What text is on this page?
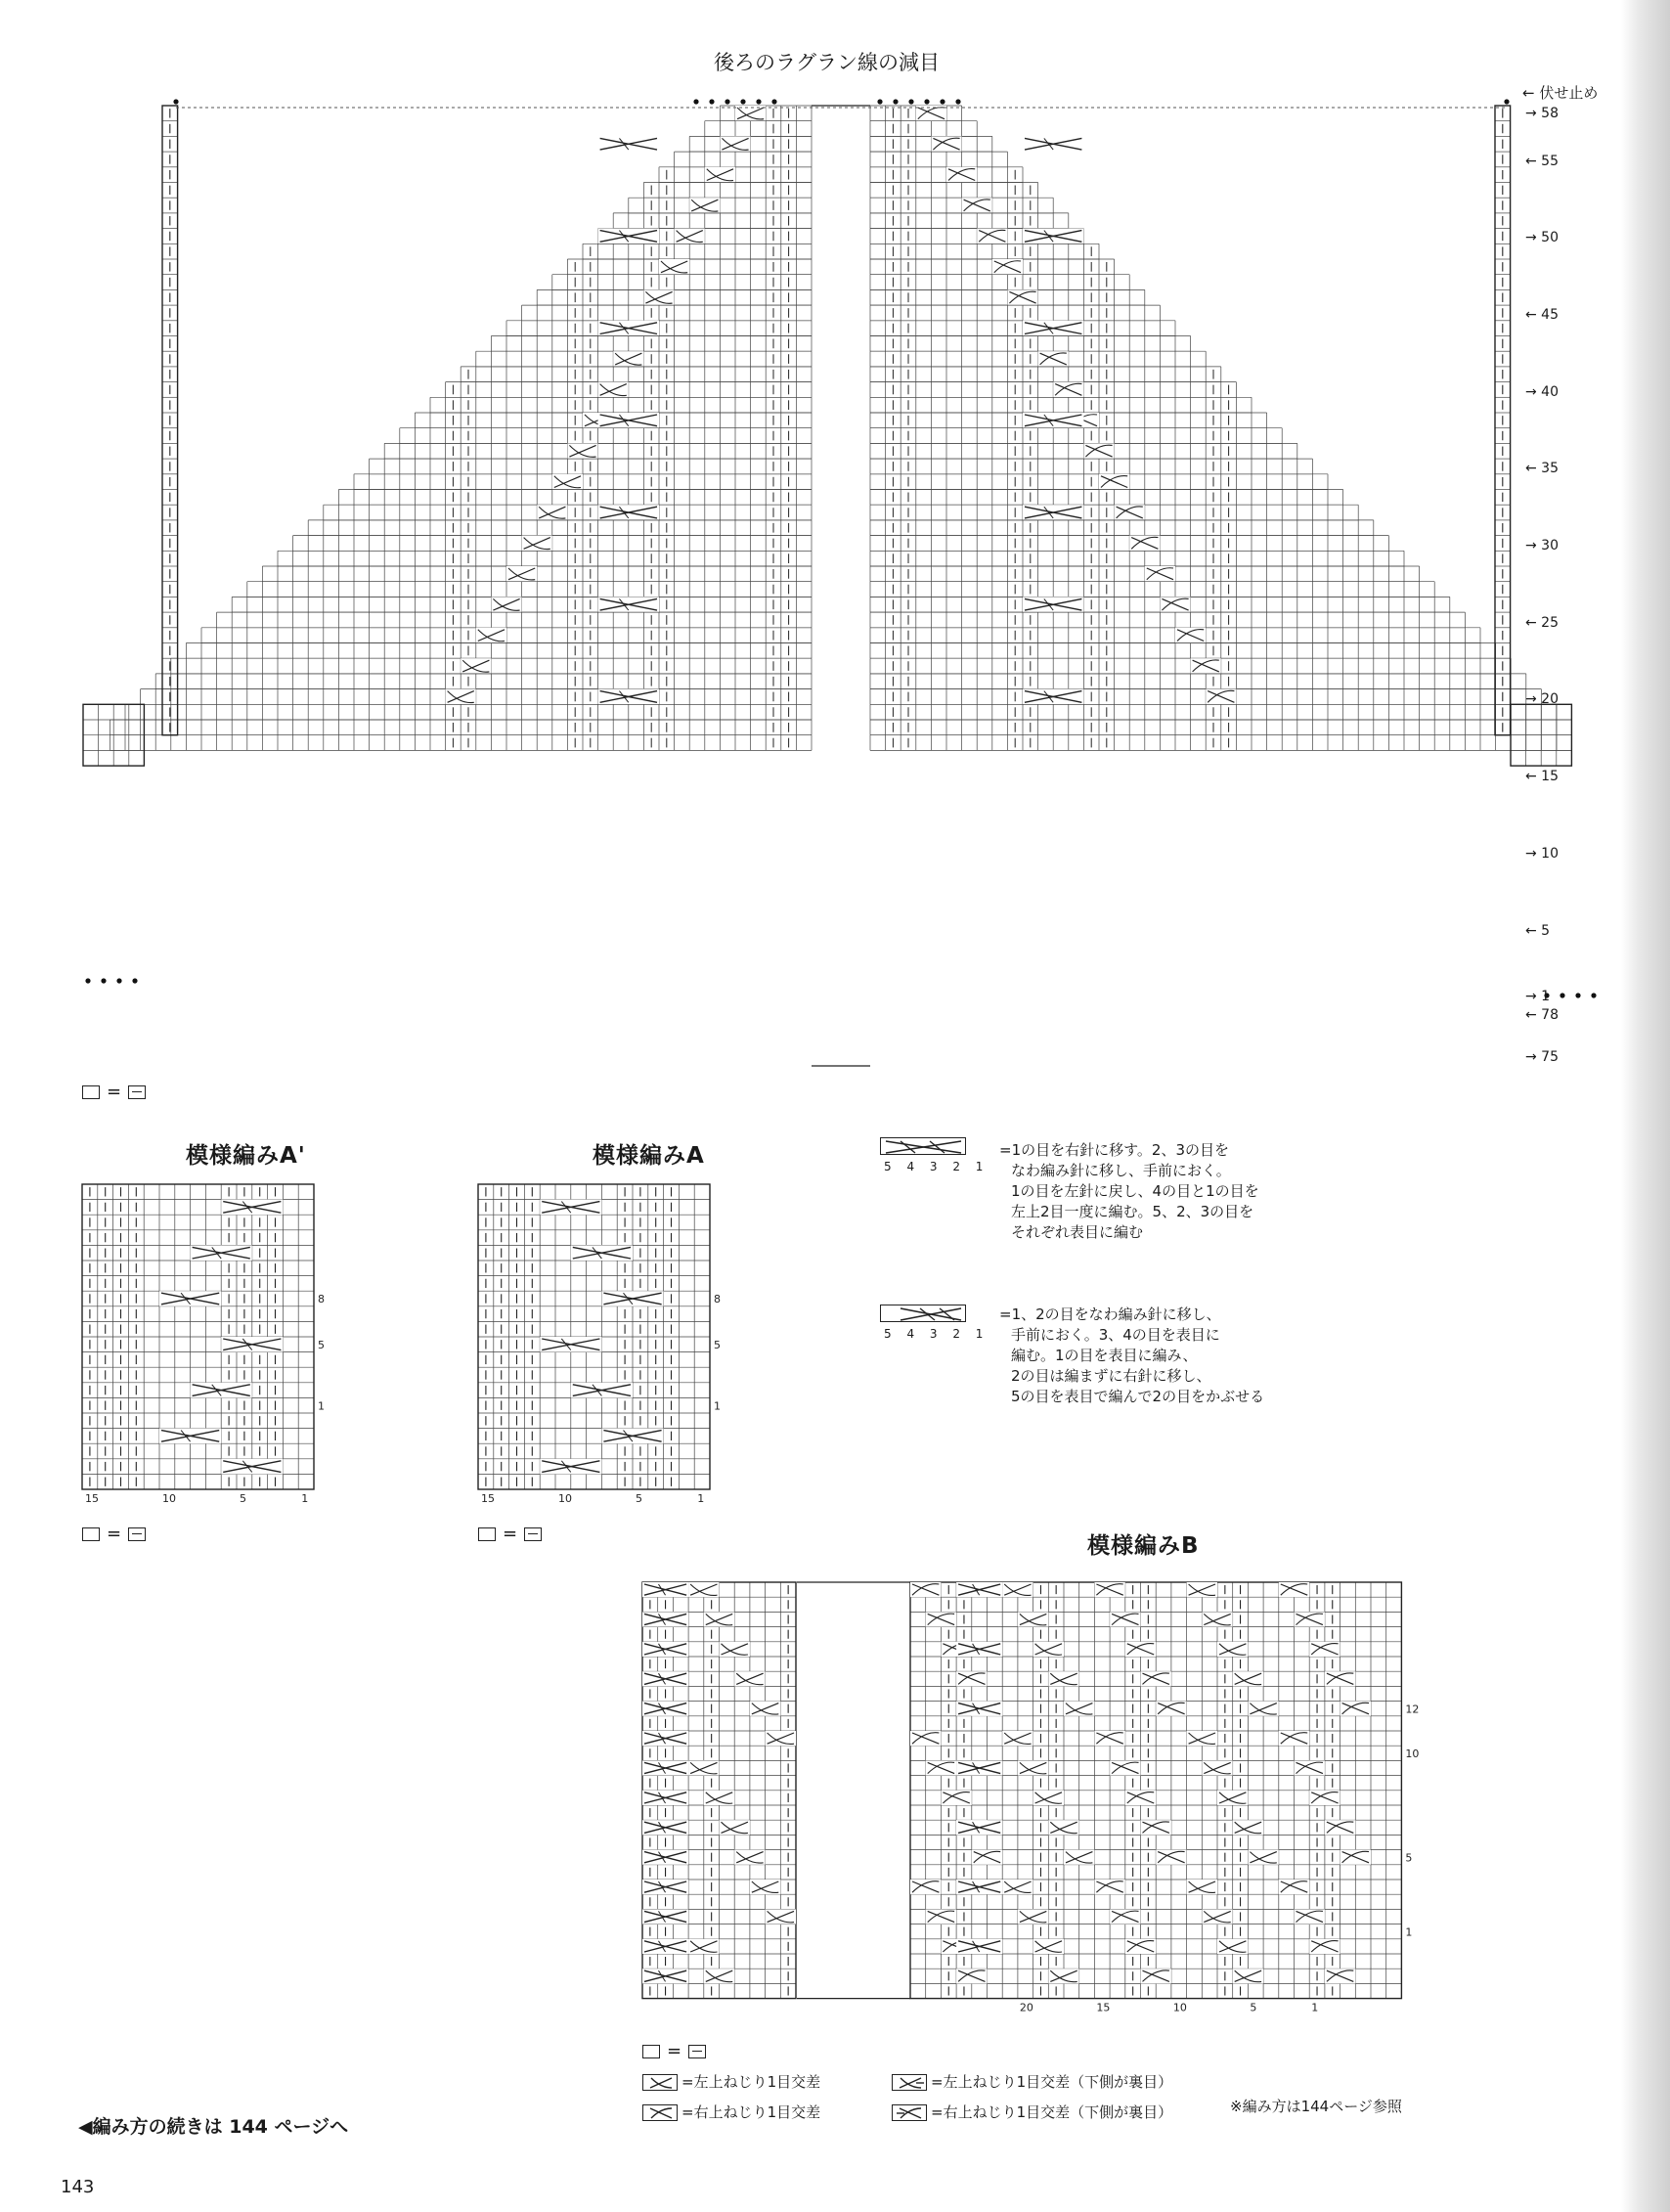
後ろのラグラン線の減目
← 伏せ止め
→ 58
← 55
→ 50
← 45
→ 40
← 35
→ 30
← 25
→ 20
← 15
→ 10
← 5
→ 1
← 78
→ 75
=
模様編みA'
8
5
1
15	10	5	1
=
模様編みA
8
5
1
15	10	5	1
=
5 4 3 2 1
=1の目を右針に移す。2、3の目を
なわ編み針に移し、手前におく。
1の目を左針に戻し、4の目と1の目を
左上2目一度に編む。5、2、3の目を
それぞれ表目に編む
5 4 3 2 1
=1、2の目をなわ編み針に移し、
手前におく。3、4の目を表目に
編む。1の目を表目に編み、
2の目は編まずに右針に移し、
5の目を表目で編んで2の目をかぶせる
模様編みB
12
10
5
1
20	15	10	5	1
=
=左上ねじり1目交差
=右上ねじり1目交差
=左上ねじり1目交差（下側が裏目）
=右上ねじり1目交差（下側が裏目）	※編み方は144ページ参照
◀編み方の続きは 144 ページへ
143
